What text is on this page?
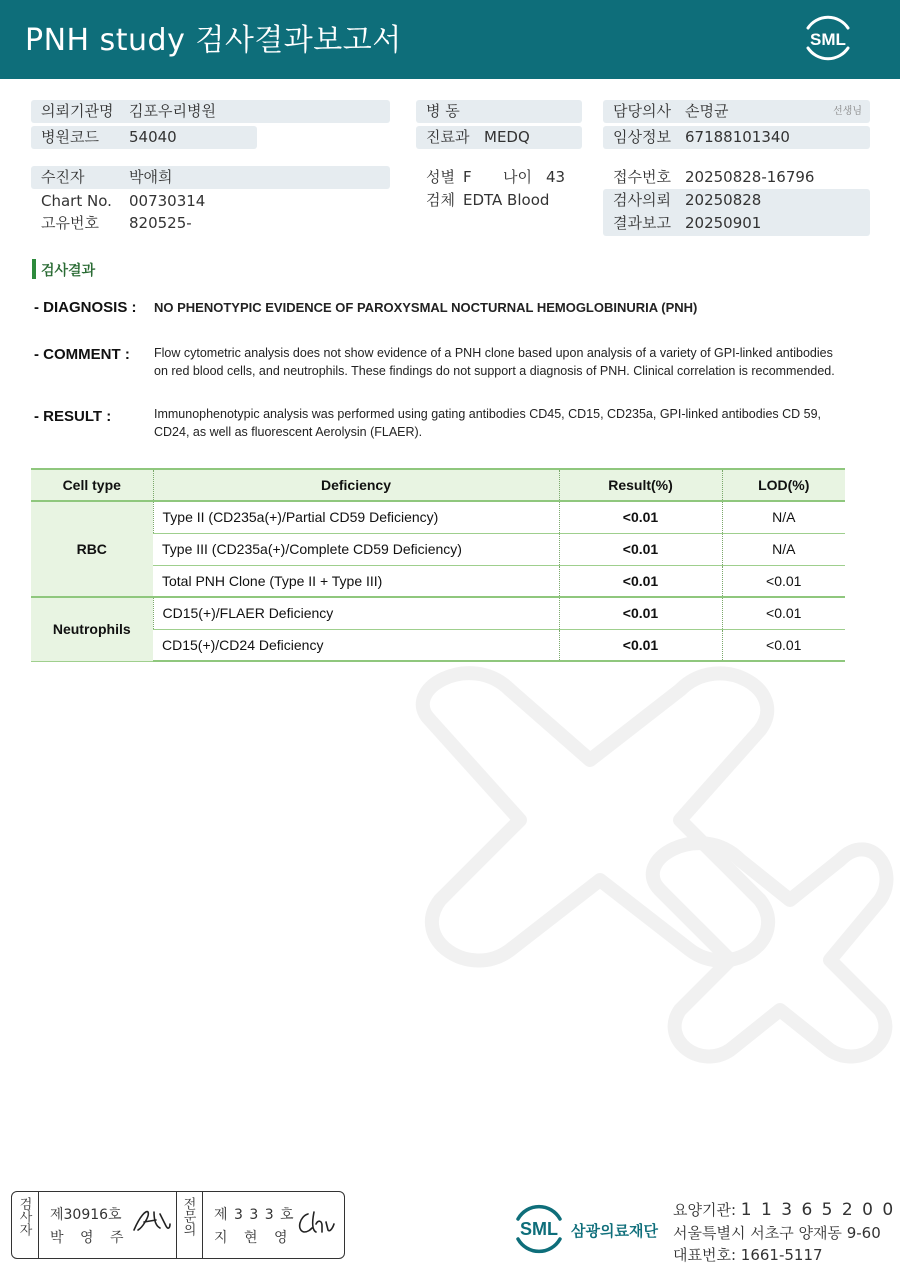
PNH study 검사결과보고서	SML
의뢰기관명 김포우리병원
병원코드 54040
수진자	박애희
Chart No. 00730314
고유번호 820525-
병 동
진료과 MEDQ
성별 F 나이 43
검체 EDTA Blood
담당의사 손명균	선생님
임상정보 67188101340
접수번호 20250828-16796
검사의뢰 20250828
결과보고 20250901
검사결과
- DIAGNOSIS : NO PHENOTYPIC EVIDENCE OF PAROXYSMAL NOCTURNAL HEMOGLOBINURIA (PNH)
- COMMENT : Flow cytometric analysis does not show evidence of a PNH clone based upon analysis of a variety of GPI-linked antibodies on red blood cells, and neutrophils. These findings do not support a diagnosis of PNH. Clinical correlation is recommended.
- RESULT :	Immunophenotypic analysis was performed using gating antibodies CD45, CD15, CD235a, GPI-linked antibodies CD 59, CD24, as well as fluorescent Aerolysin (FLAER).
Cell type	Deficiency	Result(%)	LOD(%)
RBC	Type II (CD235a(+)/Partial CD59 Deficiency)	<0.01	N/A
	Type III (CD235a(+)/Complete CD59 Deficiency)	<0.01	N/A
	Total PNH Clone (Type II + Type III)	<0.01	<0.01
Neutrophils	CD15(+)/FLAER Deficiency	<0.01	<0.01
	CD15(+)/CD24 Deficiency	<0.01	<0.01
검사자 제30916호
박 영 주
전문의 제 3 3 3 호
지 현 영	SML 삼광의료재단
요양기관: 1 1 3 6 5 2 0 0
서울특별시 서초구 양재동 9-60
대표번호: 1661-5117
